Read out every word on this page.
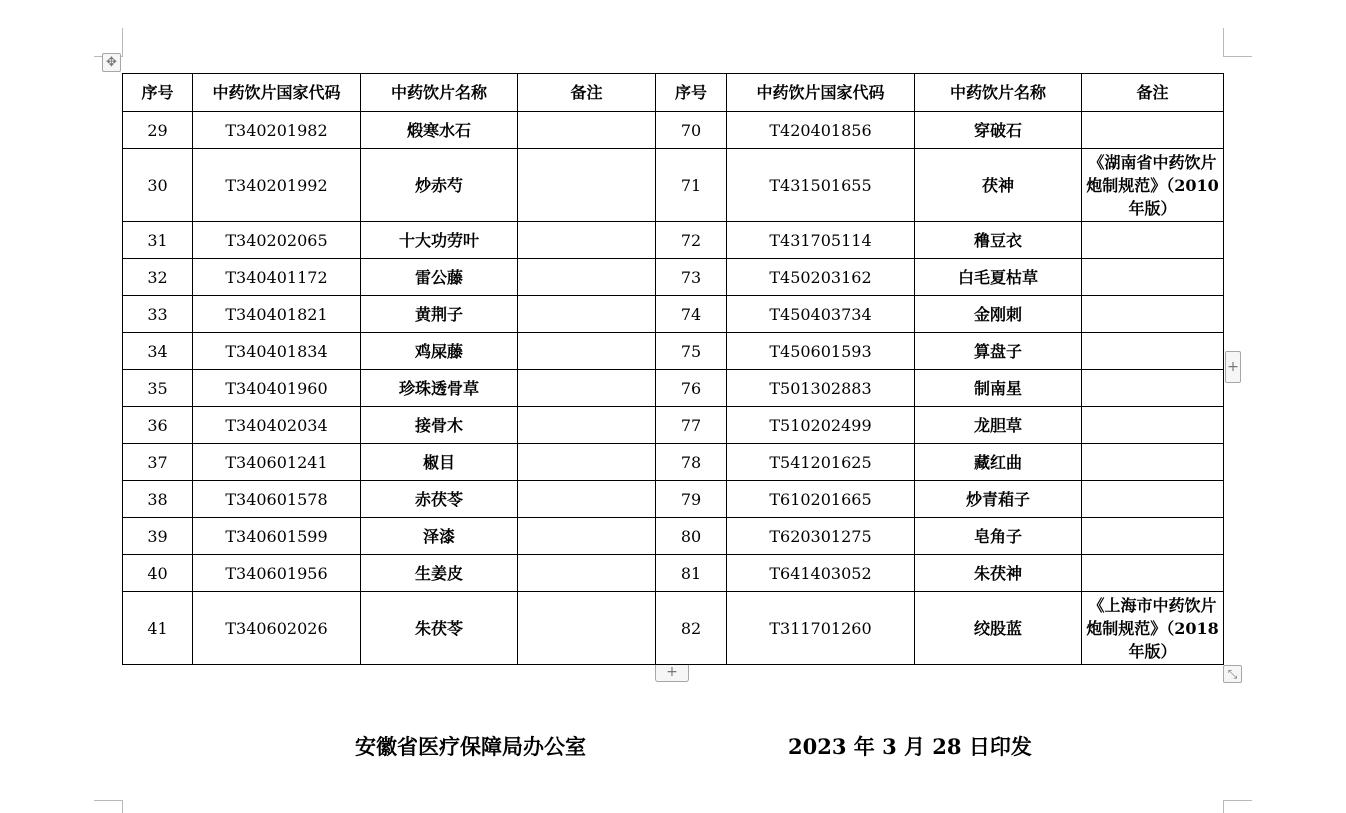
✥
序号	中药饮片国家代码	中药饮片名称	备注	序号	中药饮片国家代码	中药饮片名称	备注
29	T340201982	煅寒水石		70	T420401856	穿破石	
30	T340201992	炒赤芍		71	T431501655	茯神	《湖南省中药饮片炮制规范》（2010 年版）
31	T340202065	十大功劳叶		72	T431705114	穞豆衣	
32	T340401172	雷公藤		73	T450203162	白毛夏枯草	
33	T340401821	黄荆子		74	T450403734	金刚刺	
34	T340401834	鸡屎藤		75	T450601593	算盘子	
35	T340401960	珍珠透骨草		76	T501302883	制南星	
36	T340402034	接骨木		77	T510202499	龙胆草	
37	T340601241	椒目		78	T541201625	藏红曲	
38	T340601578	赤茯苓		79	T610201665	炒青葙子	
39	T340601599	泽漆		80	T620301275	皂角子	
40	T340601956	生姜皮		81	T641403052	朱茯神	
41	T340602026	朱茯苓		82	T311701260	绞股蓝	《上海市中药饮片炮制规范》（2018 年版）
+
+	⤡
安徽省医疗保障局办公室	2023 年 3 月 28 日印发
